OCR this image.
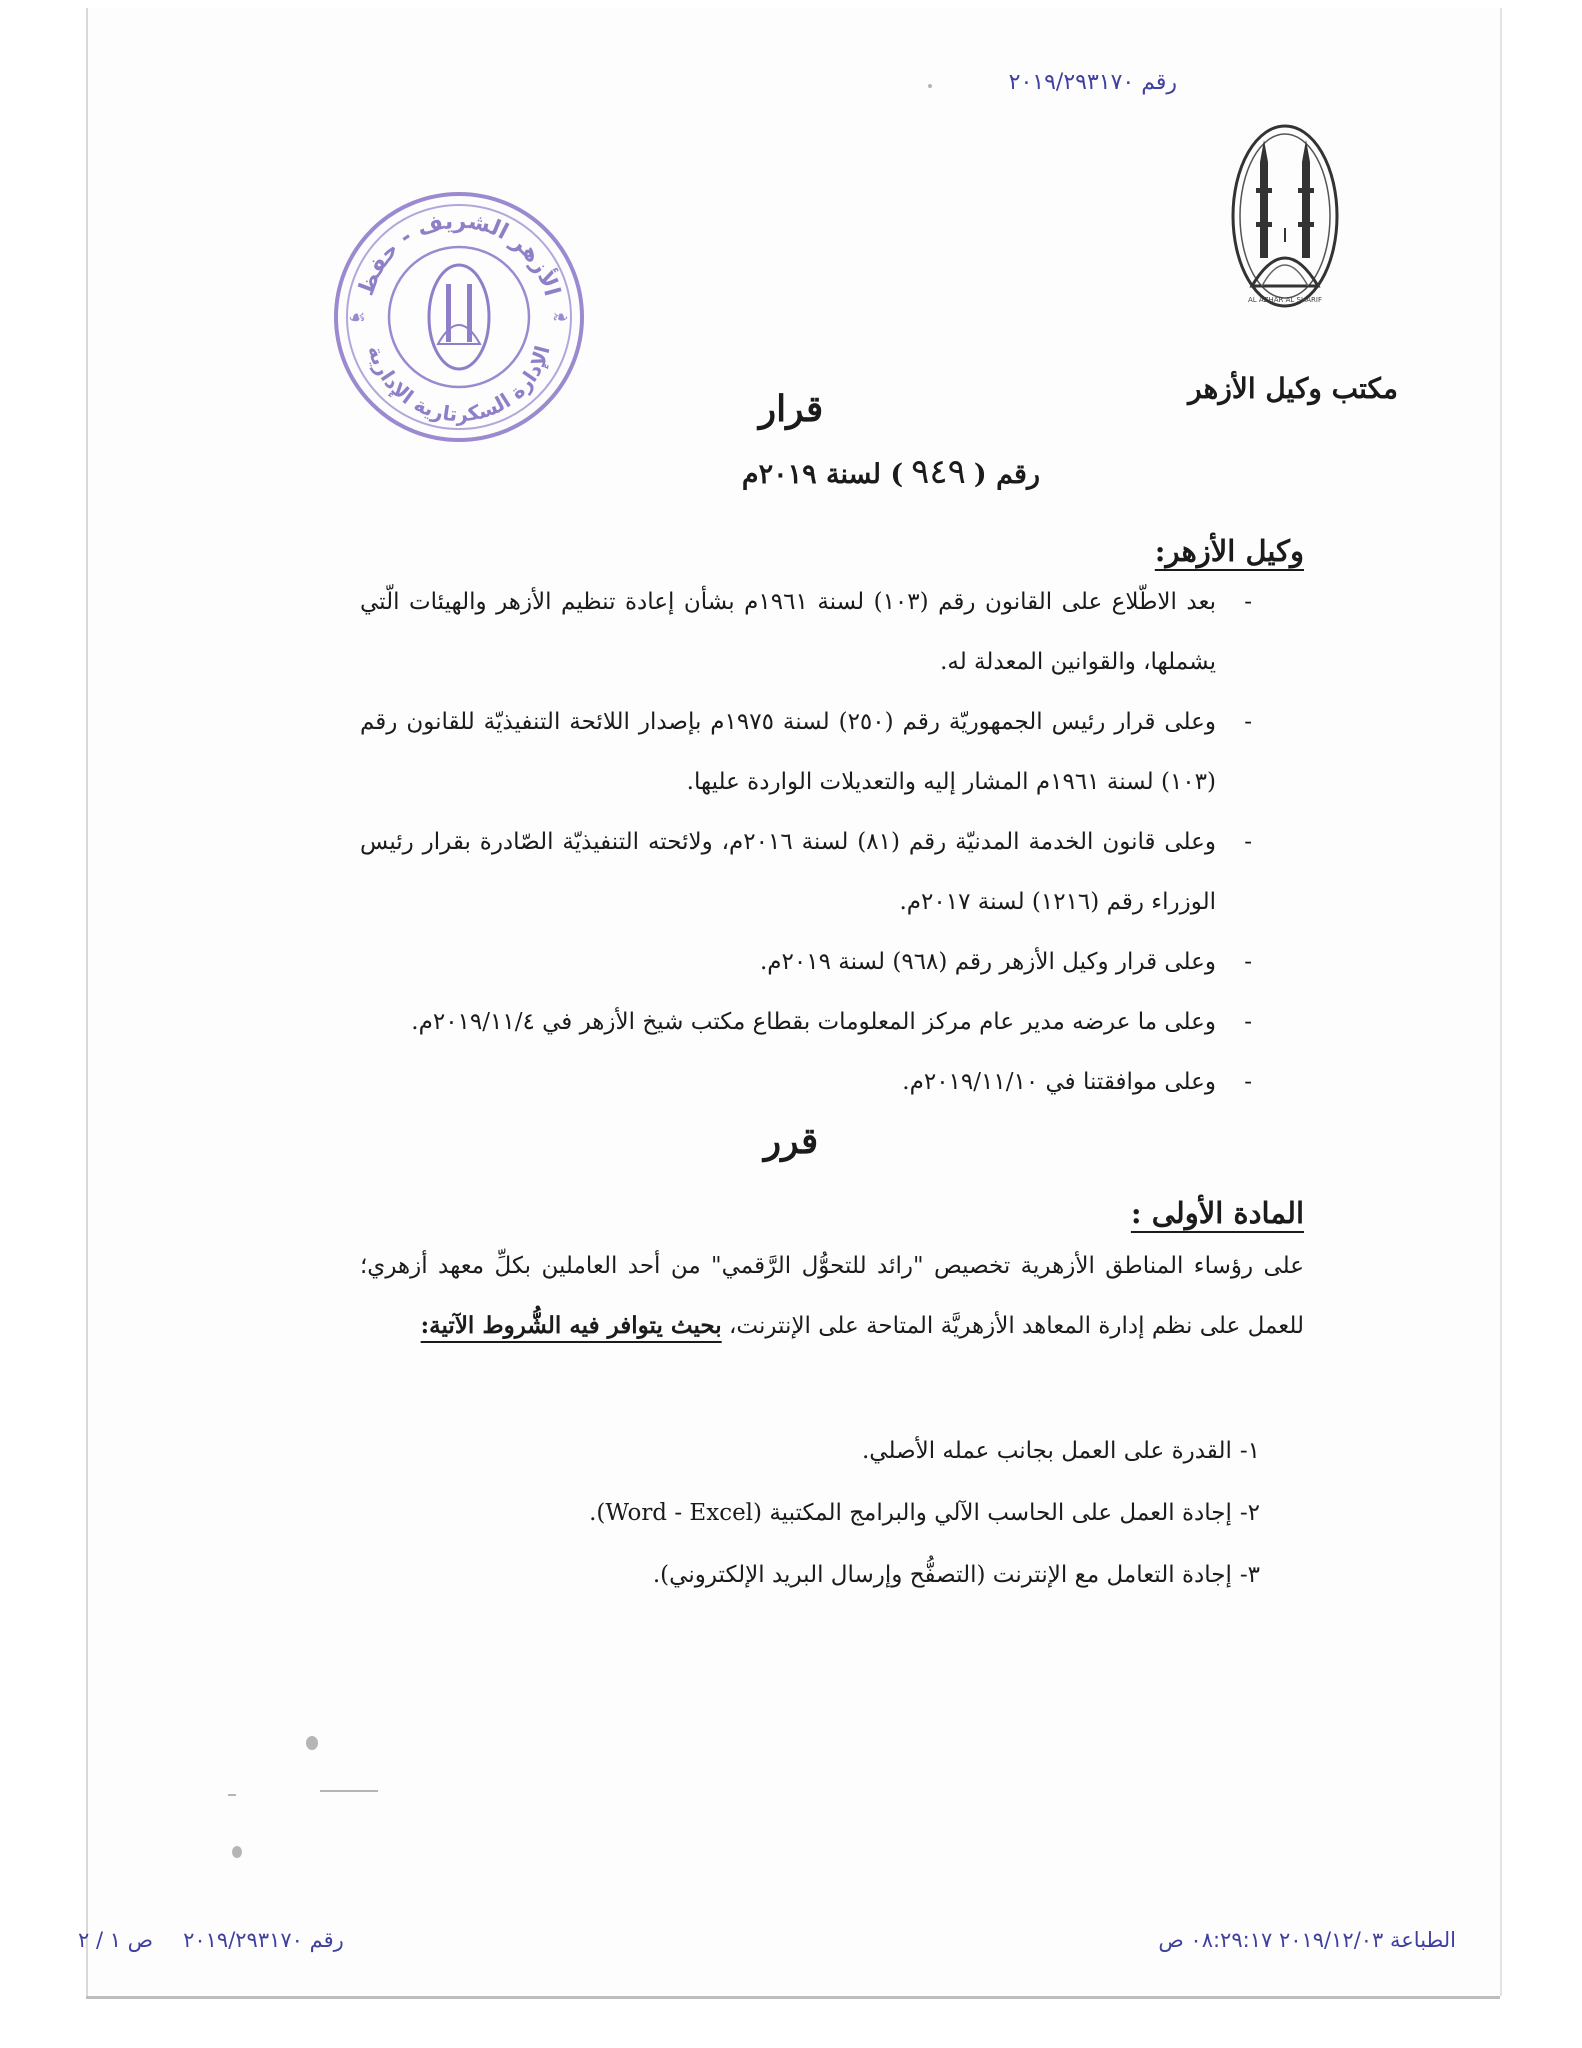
رقم ٢٠١٩/٢٩٣١٧٠
AL AZHAR AL SHARIF
مكتب وكيل الأزهر
الأزهر الشريف - حفظ
الإدارة السكرتارية الإدارية
☙	❧
قرار
رقم (٩٤٩) لسنة ٢٠١٩م
وكيل الأزهر:
- بعد الاطّلاع على القانون رقم (١٠٣) لسنة ١٩٦١م بشأن إعادة تنظيم الأزهر والهيئات الّتي يشملها، والقوانين المعدلة له.
- وعلى قرار رئيس الجمهوريّة رقم (٢٥٠) لسنة ١٩٧٥م بإصدار اللائحة التنفيذيّة للقانون رقم (١٠٣) لسنة ١٩٦١م المشار إليه والتعديلات الواردة عليها.
- وعلى قانون الخدمة المدنيّة رقم (٨١) لسنة ٢٠١٦م، ولائحته التنفيذيّة الصّادرة بقرار رئيس الوزراء رقم (١٢١٦) لسنة ٢٠١٧م.
- وعلى قرار وكيل الأزهر رقم (٩٦٨) لسنة ٢٠١٩م.
- وعلى ما عرضه مدير عام مركز المعلومات بقطاع مكتب شيخ الأزهر في ٢٠١٩/١١/٤م.
- وعلى موافقتنا في ٢٠١٩/١١/١٠م.
قرر
المادة الأولى :
على رؤساء المناطق الأزهرية تخصيص "رائد للتحوُّل الرَّقمي" من أحد العاملين بكلِّ معهد أزهري؛ للعمل على نظم إدارة المعاهد الأزهريَّة المتاحة على الإنترنت، بحيث يتوافر فيه الشُّروط الآتية:
١-القدرة على العمل بجانب عمله الأصلي.
٢-إجادة العمل على الحاسب الآلي والبرامج المكتبية (Word - Excel).
٣-إجادة التعامل مع الإنترنت (التصفُّح وإرسال البريد الإلكتروني).
رقم ٢٠١٩/٢٩٣١٧٠ص ١ / ٢	الطباعة ٢٠١٩/١٢/٠٣ ٠٨:٢٩:١٧ ص
